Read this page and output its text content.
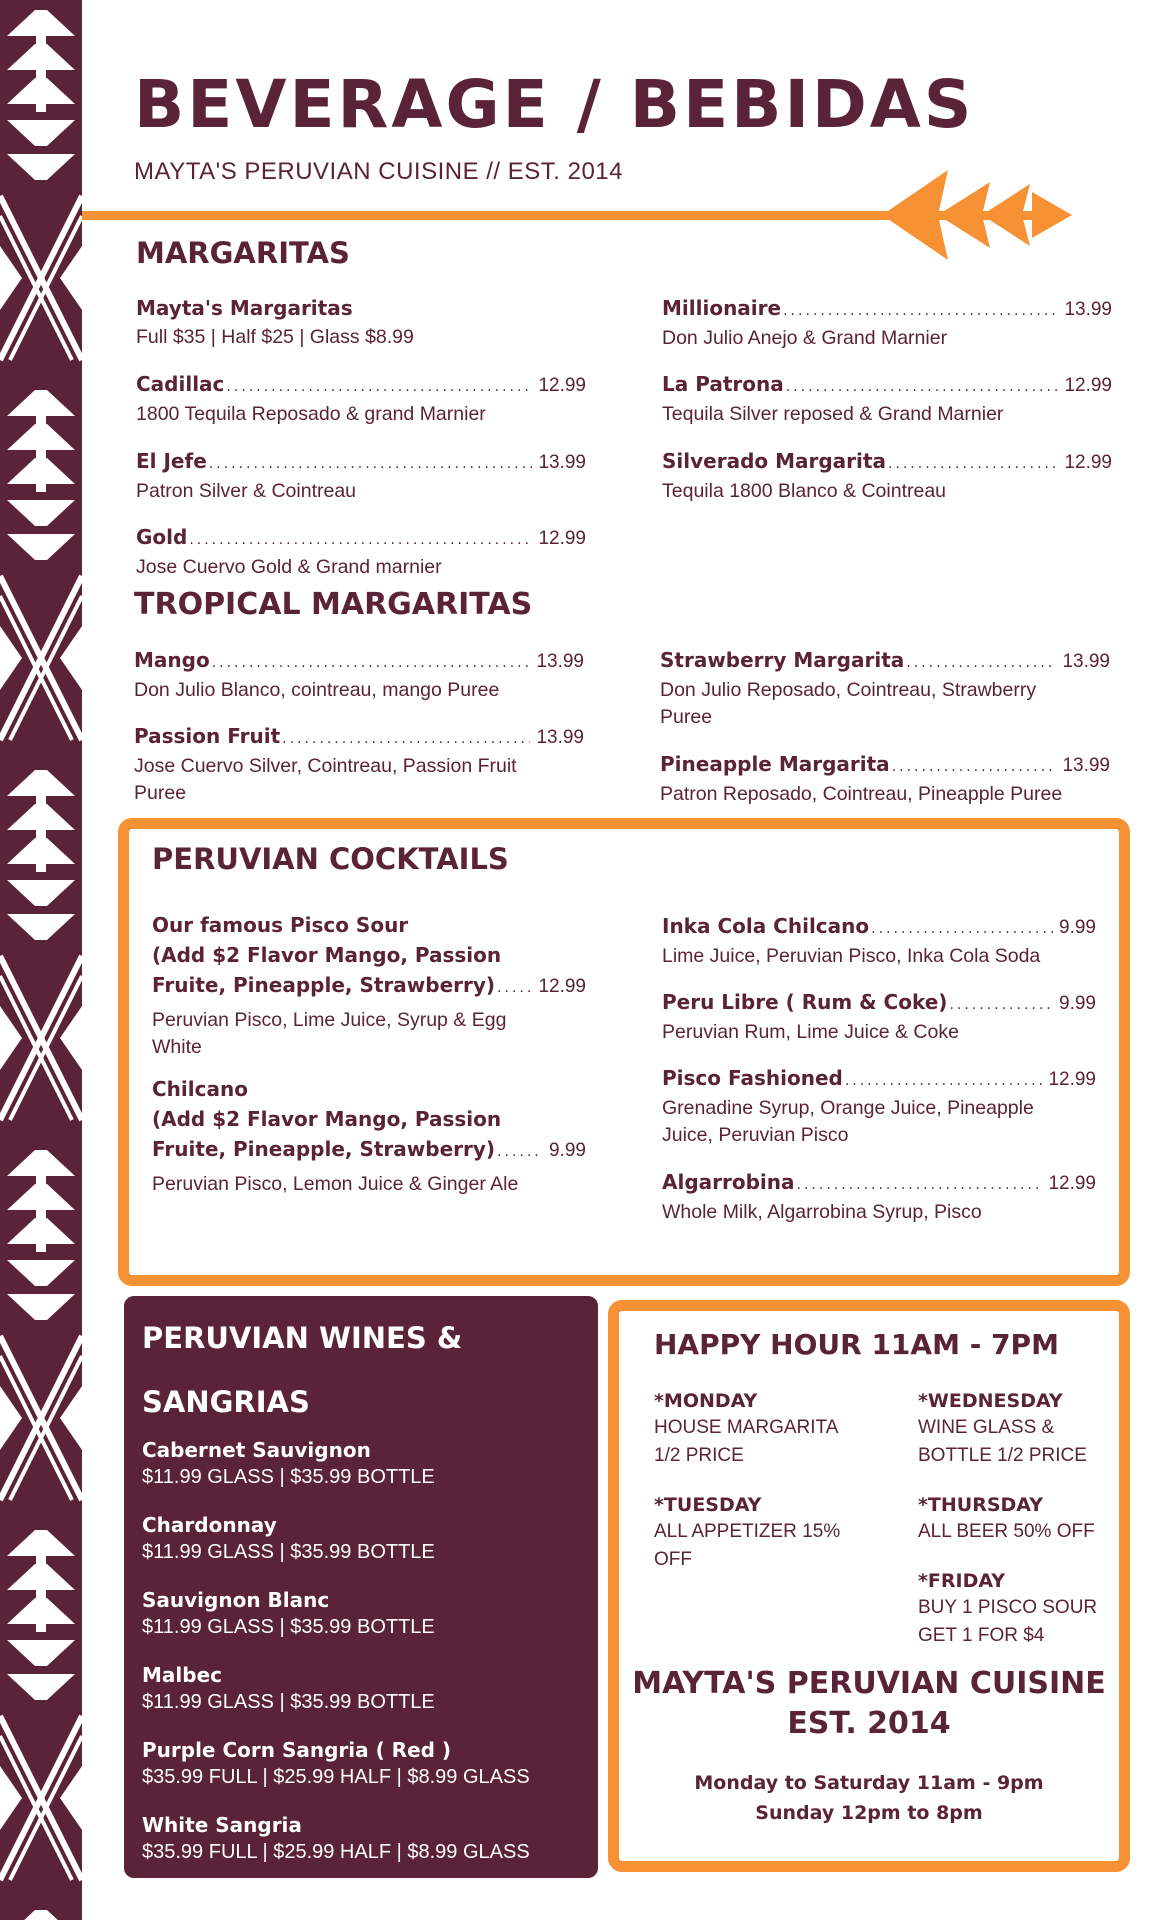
BEVERAGE / BEBIDAS
MAYTA'S PERUVIAN CUISINE // EST. 2014
MARGARITAS
Mayta's Margaritas
Full $35 | Half $25 | Glass $8.99
Cadillac .....	12.99
1800 Tequila Reposado & grand Marnier
El Jefe .....	13.99
Patron Silver & Cointreau
Gold .....	12.99
Jose Cuervo Gold & Grand marnier
Millionaire .....	13.99
Don Julio Anejo & Grand Marnier
La Patrona .....	12.99
Tequila Silver reposed & Grand Marnier
Silverado Margarita .....	12.99
Tequila 1800 Blanco & Cointreau
TROPICAL MARGARITAS
Mango .....	13.99
Don Julio Blanco, cointreau, mango Puree
Passion Fruit .....	13.99
Jose Cuervo Silver, Cointreau, Passion Fruit Puree
Strawberry Margarita .....	13.99
Don Julio Reposado, Cointreau, Strawberry Puree
Pineapple Margarita .....	13.99
Patron Reposado, Cointreau, Pineapple Puree
PERUVIAN COCKTAILS
Our famous Pisco Sour
(Add $2 Flavor Mango, Passion
Fruite, Pineapple, Strawberry) ..... 12.99
Peruvian Pisco, Lime Juice, Syrup & Egg White
Chilcano
(Add $2 Flavor Mango, Passion
Fruite, Pineapple, Strawberry) .....	9.99
Peruvian Pisco, Lemon Juice & Ginger Ale
Inka Cola Chilcano .....	9.99
Lime Juice, Peruvian Pisco, Inka Cola Soda
Peru Libre ( Rum & Coke) .....	9.99
Peruvian Rum, Lime Juice & Coke
Pisco Fashioned .....	12.99
Grenadine Syrup, Orange Juice, Pineapple Juice, Peruvian Pisco
Algarrobina .....	12.99
Whole Milk, Algarrobina Syrup, Pisco
PERUVIAN WINES &
SANGRIAS
Cabernet Sauvignon
$11.99 GLASS | $35.99 BOTTLE
Chardonnay
$11.99 GLASS | $35.99 BOTTLE
Sauvignon Blanc
$11.99 GLASS | $35.99 BOTTLE
Malbec
$11.99 GLASS | $35.99 BOTTLE
Purple Corn Sangria ( Red )
$35.99 FULL | $25.99 HALF | $8.99 GLASS
White Sangria
$35.99 FULL | $25.99 HALF | $8.99 GLASS
HAPPY HOUR 11AM - 7PM
*MONDAY
HOUSE MARGARITA
1/2 PRICE
*TUESDAY
ALL APPETIZER 15%
OFF
*WEDNESDAY
WINE GLASS &
BOTTLE 1/2 PRICE
*THURSDAY
ALL BEER 50% OFF
*FRIDAY
BUY 1 PISCO SOUR
GET 1 FOR $4
MAYTA'S PERUVIAN CUISINE
EST. 2014
Monday to Saturday 11am - 9pm
Sunday 12pm to 8pm
